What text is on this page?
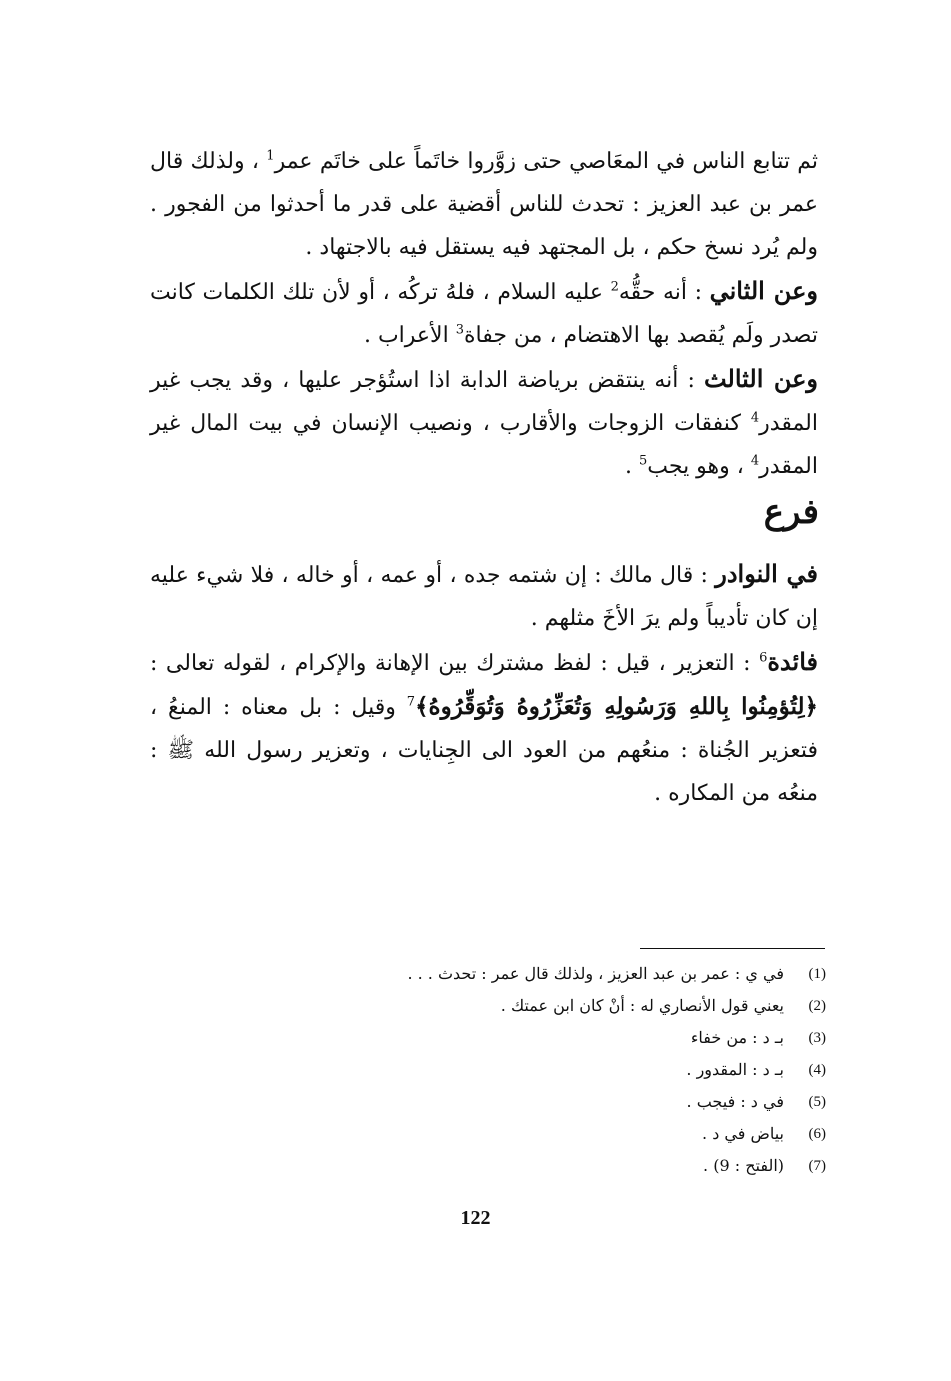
ثم تتابع الناس في المعَاصي حتى زوَّروا خاتَماً على خاتَم عمر$^1$ ، ولذلك قال عمر بن عبد العزيز : تحدث للناس أقضية على قدر ما أحدثوا من الفجور . ولم يُرد نسخ حكم ، بل المجتهد فيه يستقل فيه بالاجتهاد .

وعن الثاني : أنه حقُّه$^2$ عليه السلام ، فلهُ تركُه ، أو لأن تلك الكلمات كانت تصدر ولَم يُقصد بها الاهتضام ، من جفاة$^3$ الأعراب .

وعن الثالث : أنه ينتقض برياضة الدابة اذا استُؤجر عليها ، وقد يجب غير المقدر$^4$ كنفقات الزوجات والأقارب ، ونصيب الإنسان في بيت المال غير المقدر$^4$ ، وهو يجب$^5$ .

فرع

في النوادر : قال مالك : إن شتمه جده ، أو عمه ، أو خاله ، فلا شيء عليه إن كان تأديباً ولم يرَ الأخَ مثلهم .

فائدة$^6$ : التعزير ، قيل : لفظ مشترك بين الإهانة والإكرام ، لقوله تعالى : ﴿لِتُؤمِنُوا بِاللهِ وَرَسُولِهِ وَتُعَزِّرُوهُ وَتُوَقِّرُوهُ﴾$^7$ وقيل : بل معناه : المنعُ ، فتعزير الجُناة : منعُهم من العود الى الجِنايات ، وتعزير رسول الله ﷺ : منعُه من المكاره .

(1)
في ي : عمر بن عبد العزيز ، ولذلك قال عمر : تحدث . . .
(2)
يعني قول الأنصاري له : أنْ كان ابن عمتك .
(3)
بـ د : من خفاء
(4)
بـ د : المقدور .
(5)
في د : فيجب .
(6)
بياض في د .
(7)
(الفتح : 9) .
122
